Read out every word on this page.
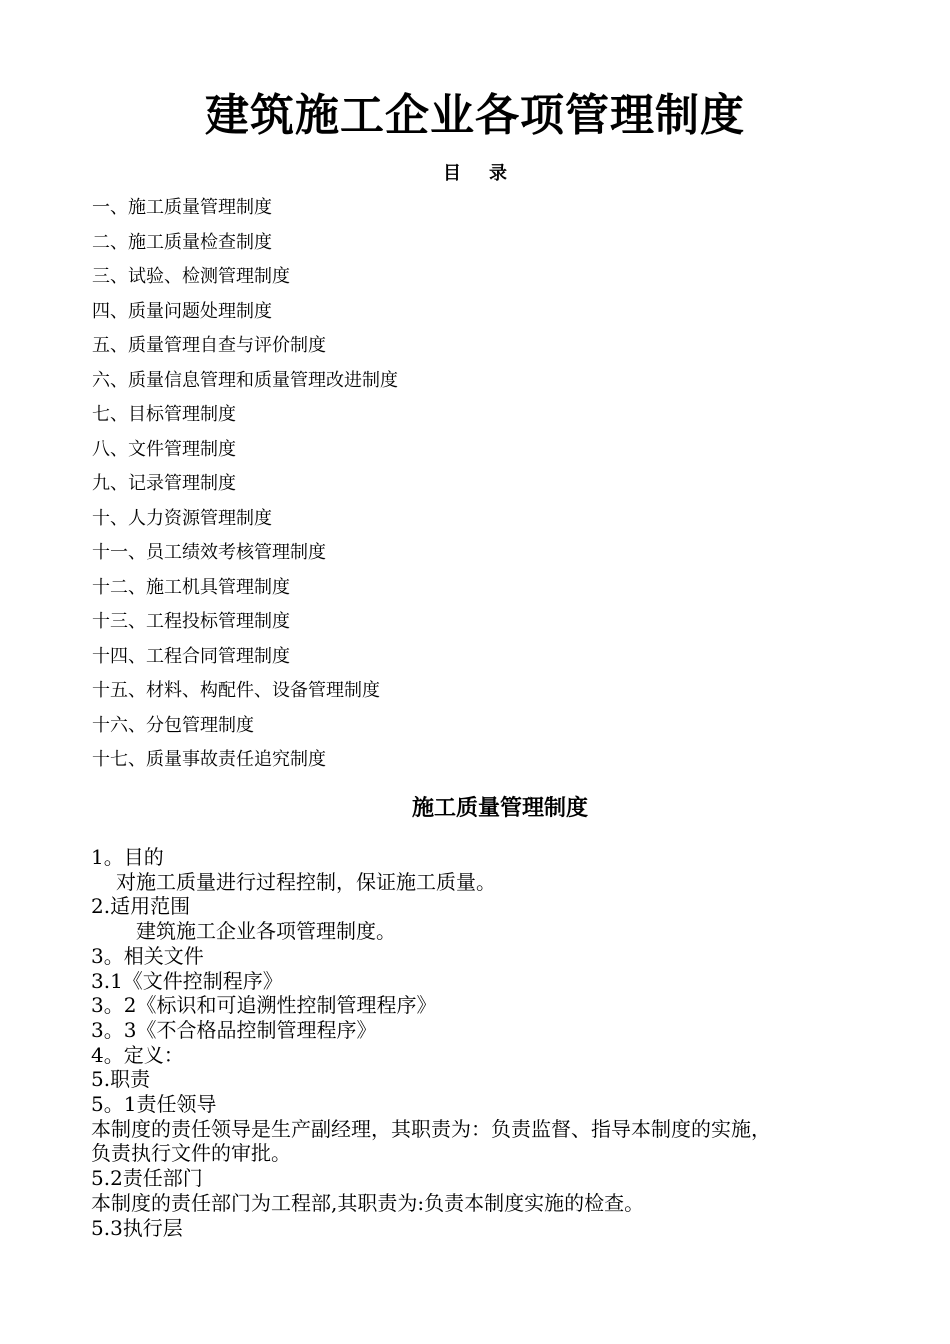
建筑施工企业各项管理制度
目 录
一、施工质量管理制度
二、施工质量检查制度
三、试验、检测管理制度
四、质量问题处理制度
五、质量管理自查与评价制度
六、质量信息管理和质量管理改进制度
七、目标管理制度
八、文件管理制度
九、记录管理制度
十、人力资源管理制度
十一、员工绩效考核管理制度
十二、施工机具管理制度
十三、工程投标管理制度
十四、工程合同管理制度
十五、材料、构配件、设备管理制度
十六、分包管理制度
十七、质量事故责任追究制度
施工质量管理制度
1。目的
对施工质量进行过程控制，保证施工质量。
2.适用范围
建筑施工企业各项管理制度。
3。相关文件
3.1《文件控制程序》
3。2《标识和可追溯性控制管理程序》
3。3《不合格品控制管理程序》
4。定义：
5.职责
5。1责任领导
本制度的责任领导是生产副经理，其职责为：负责监督、指导本制度的实施，
负责执行文件的审批。
5.2责任部门
本制度的责任部门为工程部,其职责为:负责本制度实施的检查。
5.3执行层
